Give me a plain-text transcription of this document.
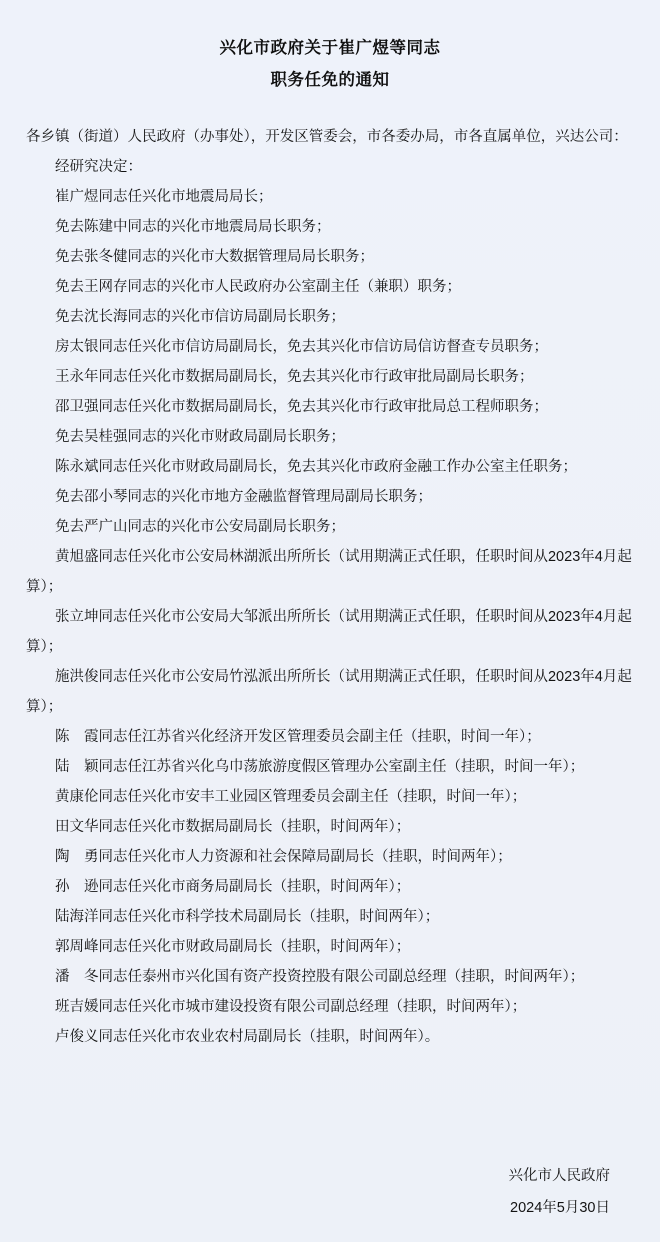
兴化市政府关于崔广煜等同志
职务任免的通知

各乡镇（街道）人民政府（办事处），开发区管委会，市各委办局，市各直属单位，兴达公司：

经研究决定：

崔广煜同志任兴化市地震局局长；

免去陈建中同志的兴化市地震局局长职务；

免去张冬健同志的兴化市大数据管理局局长职务；

免去王网存同志的兴化市人民政府办公室副主任（兼职）职务；

免去沈长海同志的兴化市信访局副局长职务；

房太银同志任兴化市信访局副局长，免去其兴化市信访局信访督查专员职务；

王永年同志任兴化市数据局副局长，免去其兴化市行政审批局副局长职务；

邵卫强同志任兴化市数据局副局长，免去其兴化市行政审批局总工程师职务；

免去吴桂强同志的兴化市财政局副局长职务；

陈永斌同志任兴化市财政局副局长，免去其兴化市政府金融工作办公室主任职务；

免去邵小琴同志的兴化市地方金融监督管理局副局长职务；

免去严广山同志的兴化市公安局副局长职务；

黄旭盛同志任兴化市公安局林湖派出所所长（试用期满正式任职，任职时间从2023年4月起算）；

张立坤同志任兴化市公安局大邹派出所所长（试用期满正式任职，任职时间从2023年4月起算）；

施洪俊同志任兴化市公安局竹泓派出所所长（试用期满正式任职，任职时间从2023年4月起算）；

陈　霞同志任江苏省兴化经济开发区管理委员会副主任（挂职，时间一年）；

陆　颖同志任江苏省兴化乌巾荡旅游度假区管理办公室副主任（挂职，时间一年）；

黄康伦同志任兴化市安丰工业园区管理委员会副主任（挂职，时间一年）；

田文华同志任兴化市数据局副局长（挂职，时间两年）；

陶　勇同志任兴化市人力资源和社会保障局副局长（挂职，时间两年）；

孙　逊同志任兴化市商务局副局长（挂职，时间两年）；

陆海洋同志任兴化市科学技术局副局长（挂职，时间两年）；

郭周峰同志任兴化市财政局副局长（挂职，时间两年）；

潘　冬同志任泰州市兴化国有资产投资控股有限公司副总经理（挂职，时间两年）；

班吉媛同志任兴化市城市建设投资有限公司副总经理（挂职，时间两年）；

卢俊义同志任兴化市农业农村局副局长（挂职，时间两年）。

兴化市人民政府
2024年5月30日
